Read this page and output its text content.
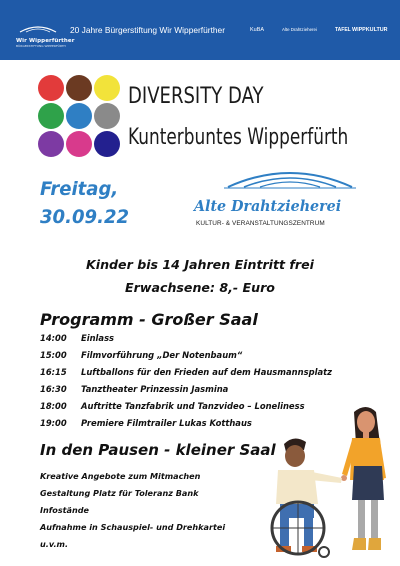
Wir Wipperfürther
BÜRGERSTIFTUNG WIPPERFÜRTH
20 Jahre Bürgerstiftung Wir Wipperfürther	KuBA	Alte Drahtzieherei	TAFEL WIPPKULTUR
DIVERSITY DAY
Kunterbuntes Wipperfürth
Freitag,
30.09.22	Alte Drahtzieherei
KULTUR- & VERANSTALTUNGSZENTRUM
Kinder bis 14 Jahren Eintritt frei
Erwachsene: 8,- Euro
Programm - Großer Saal
14:00 Einlass
15:00 Filmvorführung „Der Notenbaum“
16:15 Luftballons für den Frieden auf dem Hausmannsplatz
16:30 Tanztheater Prinzessin Jasmina
18:00 Auftritte Tanzfabrik und Tanzvideo – Loneliness
19:00 Premiere Filmtrailer Lukas Kotthaus
In den Pausen - kleiner Saal
Kreative Angebote zum Mitmachen
Gestaltung Platz für Toleranz Bank
Infostände
Aufnahme in Schauspiel- und Drehkartei
u.v.m.
